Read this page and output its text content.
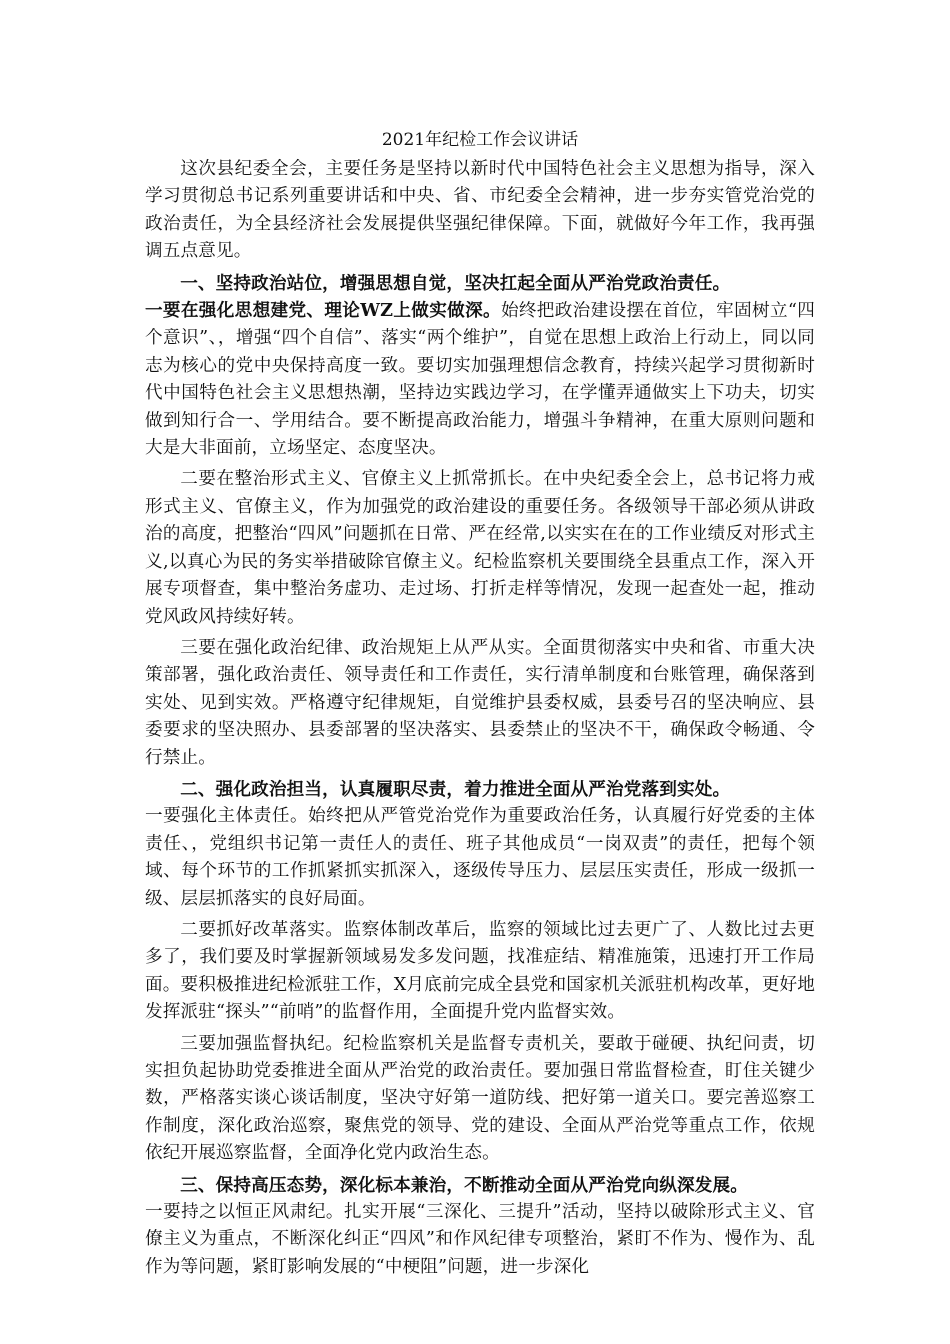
2021年纪检工作会议讲话

这次县纪委全会，主要任务是坚持以新时代中国特色社会主义思想为指导，深入学习贯彻总书记系列重要讲话和中央、省、市纪委全会精神，进一步夯实管党治党的政治责任，为全县经济社会发展提供坚强纪律保障。下面，就做好今年工作，我再强调五点意见。

一、坚持政治站位，增强思想自觉，坚决扛起全面从严治党政治责任。
一要在强化思想建党、理论WZ上做实做深。始终把政治建设摆在首位，牢固树立“四个意识”、，增强“四个自信”、落实“两个维护”，自觉在思想上政治上行动上，同以同志为核心的党中央保持高度一致。要切实加强理想信念教育，持续兴起学习贯彻新时代中国特色社会主义思想热潮，坚持边实践边学习，在学懂弄通做实上下功夫，切实做到知行合一、学用结合。要不断提高政治能力，增强斗争精神，在重大原则问题和大是大非面前，立场坚定、态度坚决。

二要在整治形式主义、官僚主义上抓常抓长。在中央纪委全会上，总书记将力戒形式主义、官僚主义，作为加强党的政治建设的重要任务。各级领导干部必须从讲政治的高度，把整治“四风”问题抓在日常、严在经常,以实实在在的工作业绩反对形式主义,以真心为民的务实举措破除官僚主义。纪检监察机关要围绕全县重点工作，深入开展专项督查，集中整治务虚功、走过场、打折走样等情况，发现一起查处一起，推动党风政风持续好转。

三要在强化政治纪律、政治规矩上从严从实。全面贯彻落实中央和省、市重大决策部署，强化政治责任、领导责任和工作责任，实行清单制度和台账管理，确保落到实处、见到实效。严格遵守纪律规矩，自觉维护县委权威，县委号召的坚决响应、县委要求的坚决照办、县委部署的坚决落实、县委禁止的坚决不干，确保政令畅通、令行禁止。

二、强化政治担当，认真履职尽责，着力推进全面从严治党落到实处。
一要强化主体责任。始终把从严管党治党作为重要政治任务，认真履行好党委的主体责任、，党组织书记第一责任人的责任、班子其他成员“一岗双责”的责任，把每个领域、每个环节的工作抓紧抓实抓深入，逐级传导压力、层层压实责任，形成一级抓一级、层层抓落实的良好局面。

二要抓好改革落实。监察体制改革后，监察的领域比过去更广了、人数比过去更多了，我们要及时掌握新领域易发多发问题，找准症结、精准施策，迅速打开工作局面。要积极推进纪检派驻工作，X月底前完成全县党和国家机关派驻机构改革，更好地发挥派驻“探头”“前哨”的监督作用，全面提升党内监督实效。

三要加强监督执纪。纪检监察机关是监督专责机关，要敢于碰硬、执纪问责，切实担负起协助党委推进全面从严治党的政治责任。要加强日常监督检查，盯住关键少数，严格落实谈心谈话制度，坚决守好第一道防线、把好第一道关口。要完善巡察工作制度，深化政治巡察，聚焦党的领导、党的建设、全面从严治党等重点工作，依规依纪开展巡察监督，全面净化党内政治生态。

三、保持高压态势，深化标本兼治，不断推动全面从严治党向纵深发展。
一要持之以恒正风肃纪。扎实开展“三深化、三提升”活动，坚持以破除形式主义、官僚主义为重点，不断深化纠正“四风”和作风纪律专项整治，紧盯不作为、慢作为、乱作为等问题，紧盯影响发展的“中梗阻”问题，进一步深化
